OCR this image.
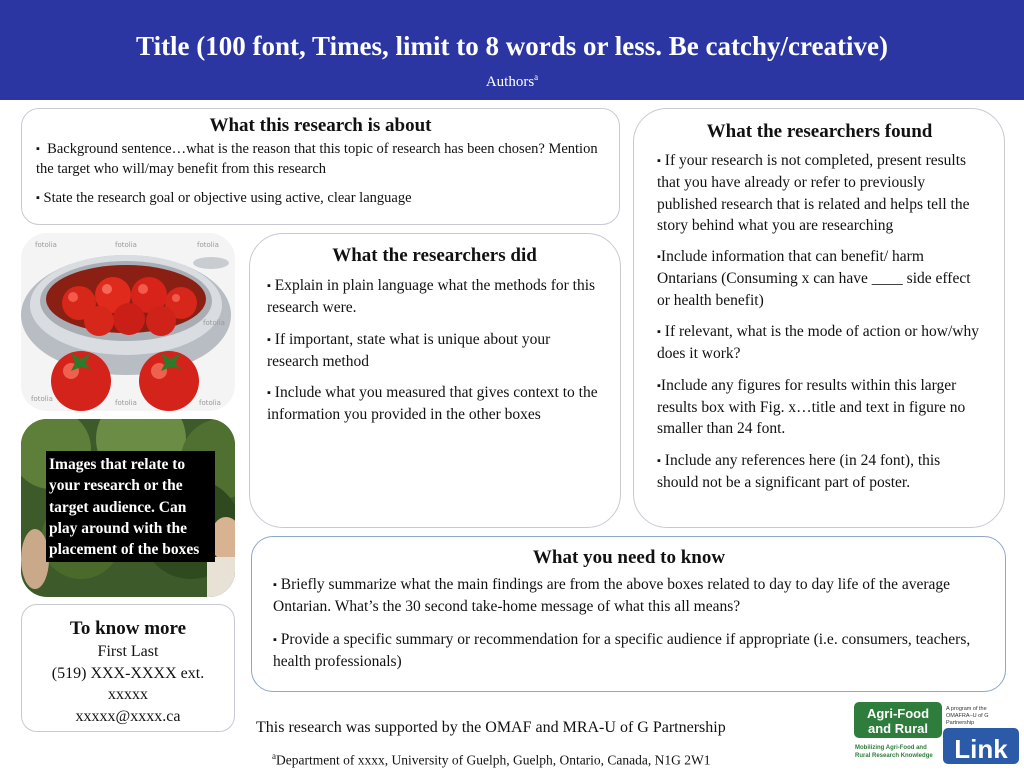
Title (100 font, Times, limit to 8 words or less. Be catchy/creative)
Authors$^a$
What this research is about

▪ Background sentence…what is the reason that this topic of research has been chosen? Mention the target who will/may benefit from this research

▪ State the research goal or objective using active, clear language

What the researchers found

▪ If your research is not completed, present results that you have already or refer to previously published research that is related and helps tell the story behind what you are researching

▪Include information that can benefit/ harm Ontarians (Consuming x can have ____ side effect or health benefit)

▪ If relevant, what is the mode of action or how/why does it work?

▪Include any figures for results within this larger results box with Fig. x…title and text in figure no smaller than 24 font.

▪ Include any references here (in 24 font), this should not be a significant part of poster.

fotolia	fotolia	fotolia
fotolia
fotolia	fotolia	fotolia
What the researchers did

▪ Explain in plain language what the methods for this research were.

▪ If important, state what is unique about your research method

▪ Include what you measured that gives context to the information you provided in the other boxes

Images that relate to your research or the target audience. Can play around with the placement of the boxes	What you need to know

▪ Briefly summarize what the main findings are from the above boxes related to day to day life of the average Ontarian. What’s the 30 second take-home message of what this all means?

▪ Provide a specific summary or recommendation for a specific audience if appropriate (i.e. consumers, teachers, health professionals)

To know more
First Last
(519) XXX-XXXX ext.
xxxxx
xxxxx@xxxx.ca
This research was supported by the OMAF and MRA-U of G Partnership
$^a$Department of xxxx, University of Guelph, Guelph, Ontario, Canada, N1G 2W1
Agri-Food
and Rural
A program of the
OMAFRA–U of G
Partnership
Mobilizing Agri-Food and
Rural Research Knowledge Link
